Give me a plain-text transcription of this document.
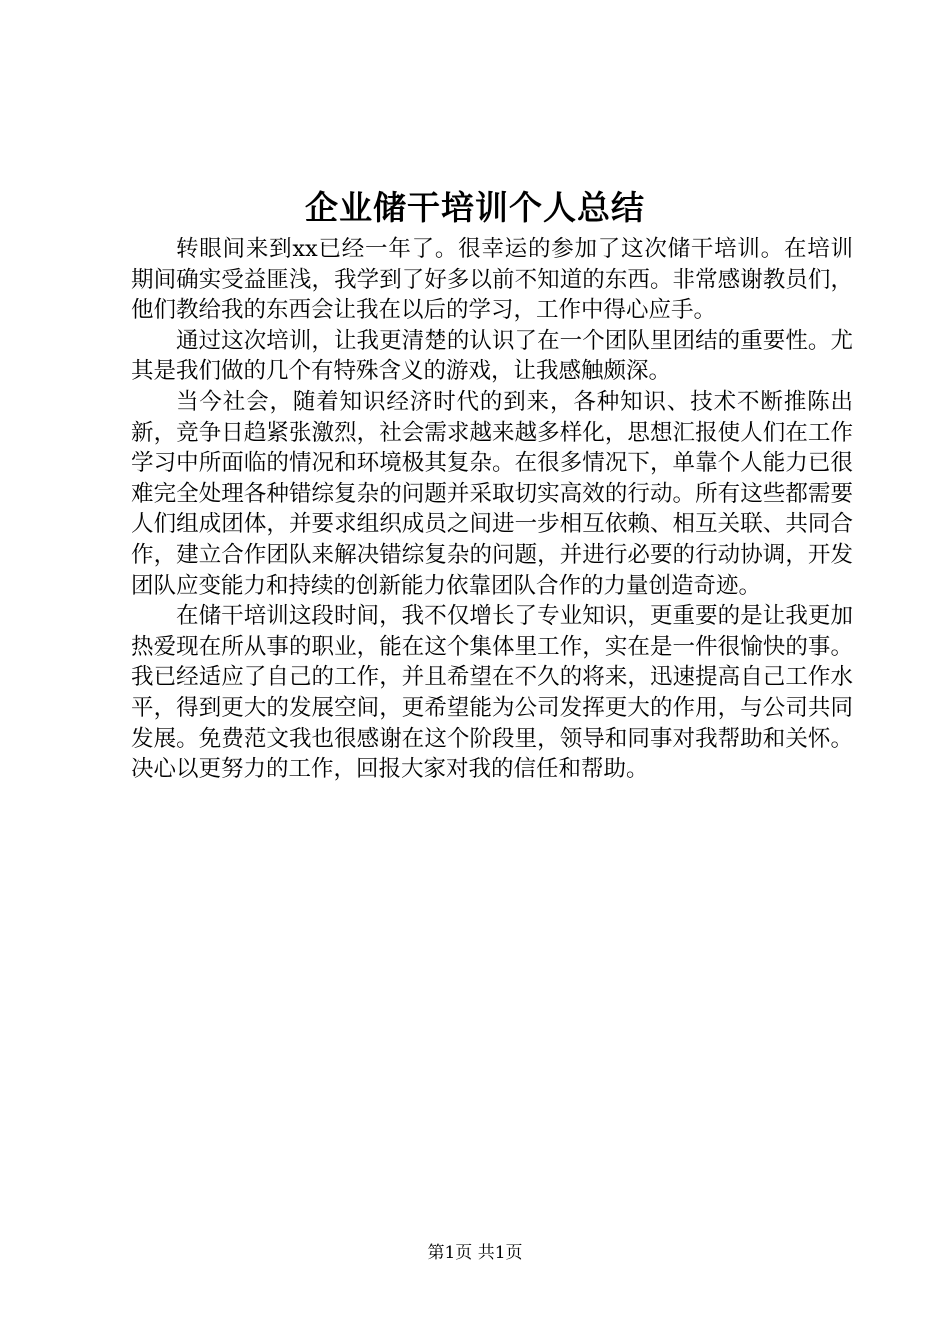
企业储干培训个人总结

转眼间来到xx已经一年了。很幸运的参加了这次储干培训。在培训期间确实受益匪浅，我学到了好多以前不知道的东西。非常感谢教员们，他们教给我的东西会让我在以后的学习，工作中得心应手。

通过这次培训，让我更清楚的认识了在一个团队里团结的重要性。尤其是我们做的几个有特殊含义的游戏，让我感触颇深。

当今社会，随着知识经济时代的到来，各种知识、技术不断推陈出新，竞争日趋紧张激烈，社会需求越来越多样化，思想汇报使人们在工作学习中所面临的情况和环境极其复杂。在很多情况下，单靠个人能力已很难完全处理各种错综复杂的问题并采取切实高效的行动。所有这些都需要人们组成团体，并要求组织成员之间进一步相互依赖、相互关联、共同合作，建立合作团队来解决错综复杂的问题，并进行必要的行动协调，开发团队应变能力和持续的创新能力依靠团队合作的力量创造奇迹。

在储干培训这段时间，我不仅增长了专业知识，更重要的是让我更加热爱现在所从事的职业，能在这个集体里工作，实在是一件很愉快的事。我已经适应了自己的工作，并且希望在不久的将来，迅速提高自己工作水平，得到更大的发展空间，更希望能为公司发挥更大的作用，与公司共同发展。免费范文我也很感谢在这个阶段里，领导和同事对我帮助和关怀。决心以更努力的工作，回报大家对我的信任和帮助。

第1页 共1页
